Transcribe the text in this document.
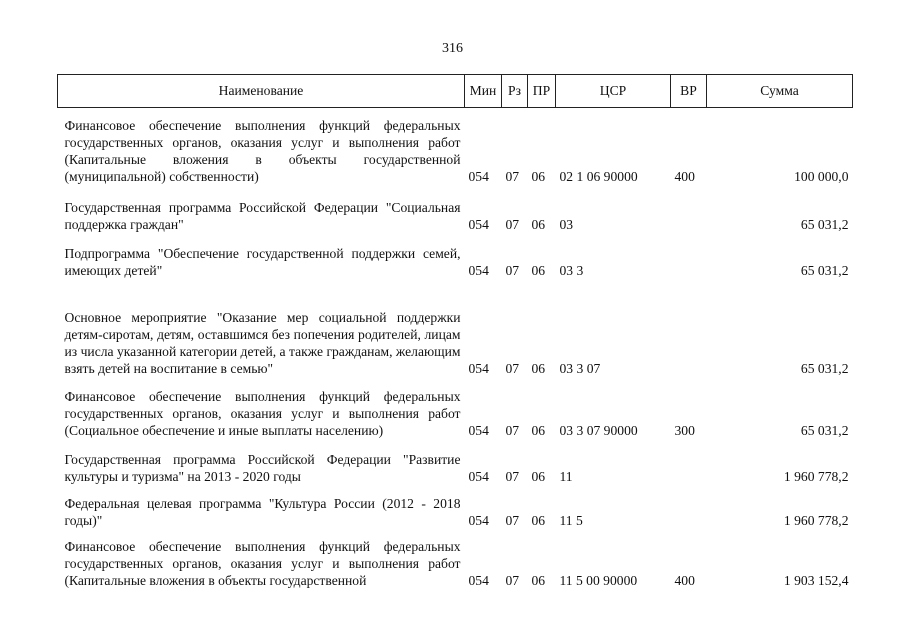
316
Наименование	Мин	Рз	ПР	ЦСР	ВР	Сумма
Финансовое обеспечение выполнения функций федеральных государственных органов, оказания услуг и выполнения работ (Капитальные вложения в объекты государственной (муниципальной) собственности)	054	07	06	02 1 06 90000	400	100 000,0
Государственная программа Российской Федерации "Социальная поддержка граждан"	054	07	06	03		65 031,2
Подпрограмма "Обеспечение государственной поддержки семей, имеющих детей"	054	07	06	03 3		65 031,2
Основное мероприятие "Оказание мер социальной поддержки детям-сиротам, детям, оставшимся без попечения родителей, лицам из числа указанной категории детей, а также гражданам, желающим взять детей на воспитание в семью"	054	07	06	03 3 07		65 031,2
Финансовое обеспечение выполнения функций федеральных государственных органов, оказания услуг и выполнения работ (Социальное обеспечение и иные выплаты населению)	054	07	06	03 3 07 90000	300	65 031,2
Государственная программа Российской Федерации "Развитие культуры и туризма" на 2013 - 2020 годы	054	07	06	11		1 960 778,2
Федеральная целевая программа "Культура России (2012 - 2018 годы)"	054	07	06	11 5		1 960 778,2
Финансовое обеспечение выполнения функций федеральных государственных органов, оказания услуг и выполнения работ (Капитальные вложения в объекты государственной	054	07	06	11 5 00 90000	400	1 903 152,4
